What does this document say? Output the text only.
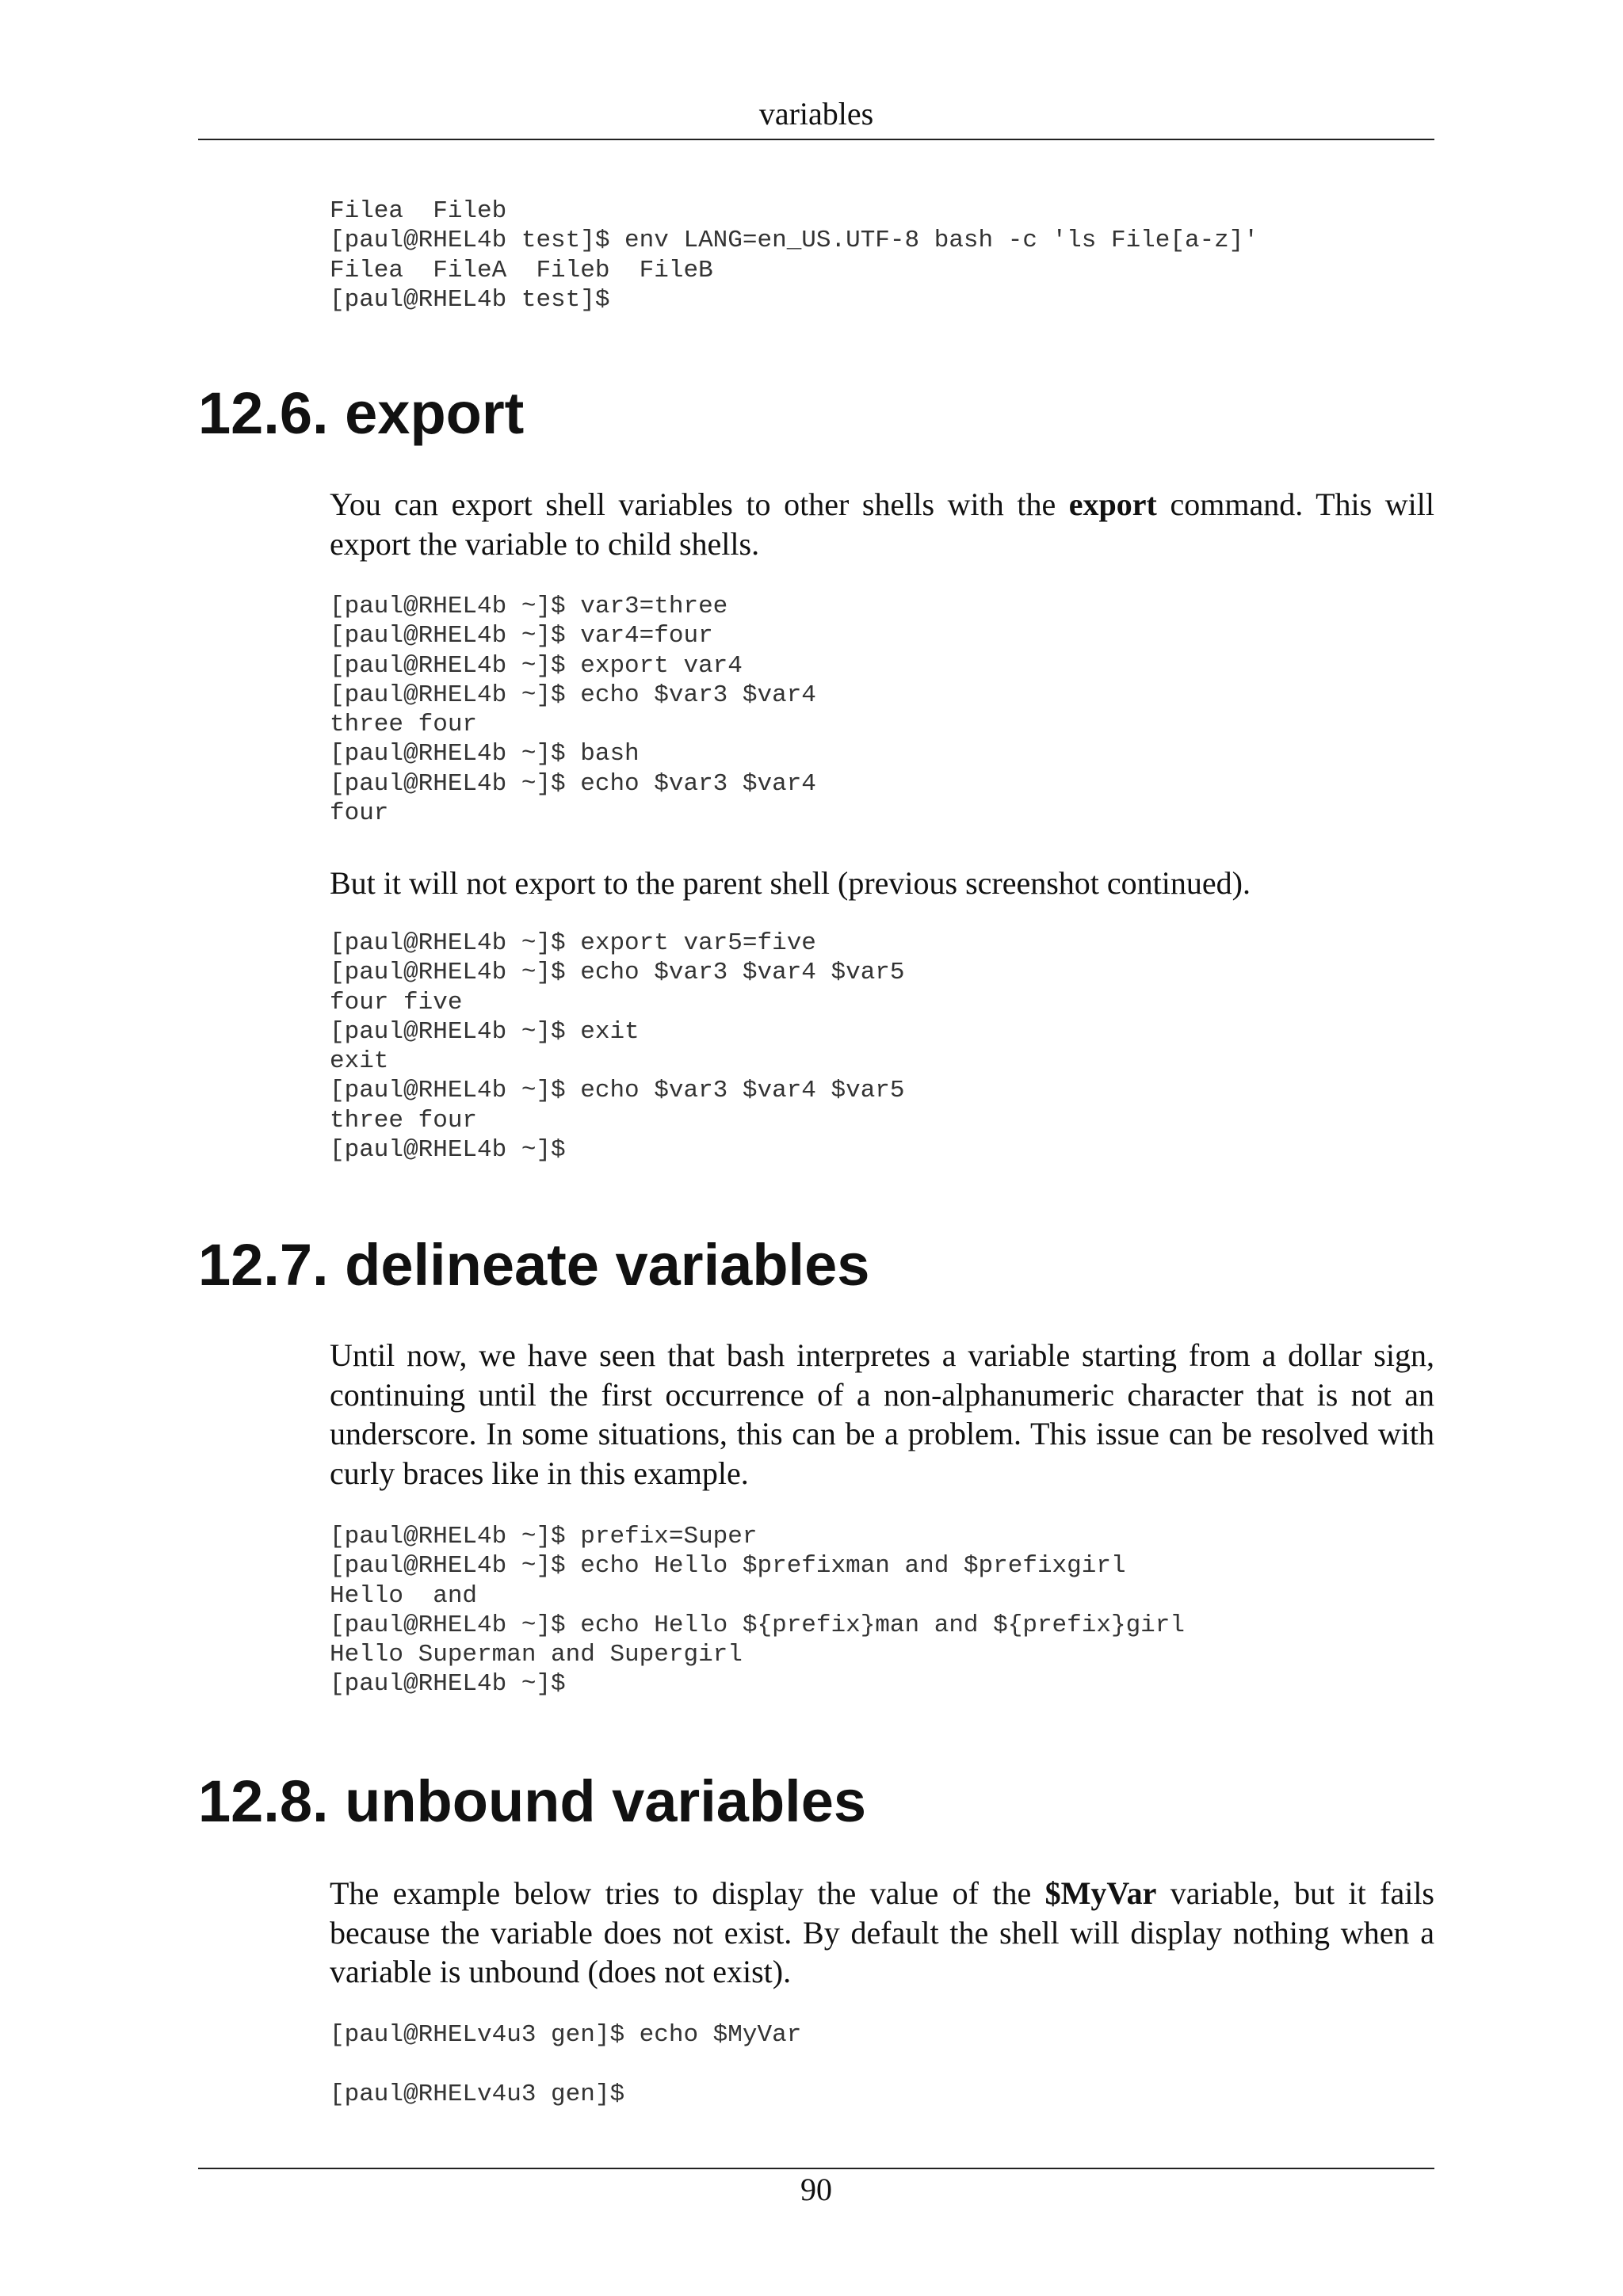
variables
Filea  Fileb
[paul@RHEL4b test]$ env LANG=en_US.UTF-8 bash -c 'ls File[a-z]'
Filea  FileA  Fileb  FileB
[paul@RHEL4b test]$
12.6. export

You can export shell variables to other shells with the export command. This will export the variable to child shells.

[paul@RHEL4b ~]$ var3=three
[paul@RHEL4b ~]$ var4=four
[paul@RHEL4b ~]$ export var4
[paul@RHEL4b ~]$ echo $var3 $var4
three four
[paul@RHEL4b ~]$ bash
[paul@RHEL4b ~]$ echo $var3 $var4
four

But it will not export to the parent shell (previous screenshot continued).

[paul@RHEL4b ~]$ export var5=five
[paul@RHEL4b ~]$ echo $var3 $var4 $var5
four five
[paul@RHEL4b ~]$ exit
exit
[paul@RHEL4b ~]$ echo $var3 $var4 $var5
three four
[paul@RHEL4b ~]$
12.7. delineate variables

Until now, we have seen that bash interpretes a variable starting from a dollar sign, continuing until the first occurrence of a non-alphanumeric character that is not an underscore. In some situations, this can be a problem. This issue can be resolved with curly braces like in this example.

[paul@RHEL4b ~]$ prefix=Super
[paul@RHEL4b ~]$ echo Hello $prefixman and $prefixgirl
Hello  and
[paul@RHEL4b ~]$ echo Hello ${prefix}man and ${prefix}girl
Hello Superman and Supergirl
[paul@RHEL4b ~]$
12.8. unbound variables

The example below tries to display the value of the $MyVar variable, but it fails because the variable does not exist. By default the shell will display nothing when a variable is unbound (does not exist).

[paul@RHELv4u3 gen]$ echo $MyVar
[paul@RHELv4u3 gen]$
90
